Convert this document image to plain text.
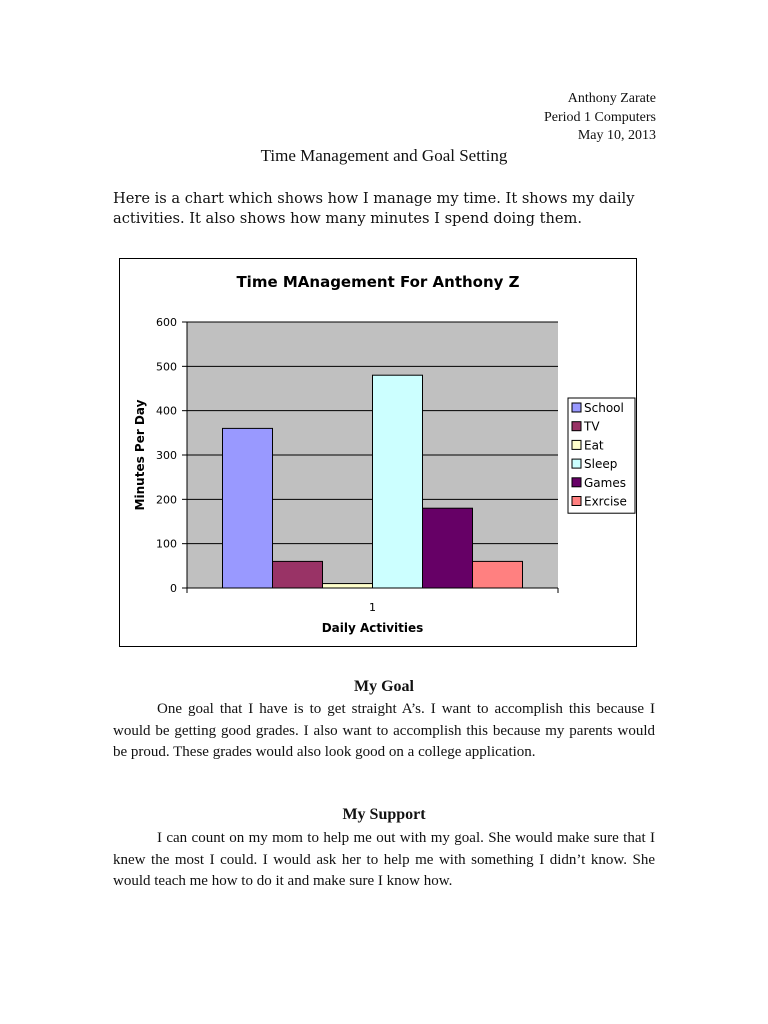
Anthony Zarate
Period 1 Computers
May 10, 2013
Time Management and Goal Setting
Here is a chart which shows how I manage my time. It shows my daily activities. It also shows how many minutes I spend doing them.
Time MAnagement For Anthony Z
0
100
200
300
400
500
600
1
Daily Activities
Minutes Per Day	School
TV
Eat
Sleep
Games
Exrcise
My Goal
One goal that I have is to get straight A’s. I want to accomplish this because I would be getting good grades. I also want to accomplish this because my parents would be proud. These grades would also look good on a college application.
My Support
I can count on my mom to help me out with my goal. She would make sure that I knew the most I could. I would ask her to help me with something I didn’t know. She would teach me how to do it and make sure I know how.
